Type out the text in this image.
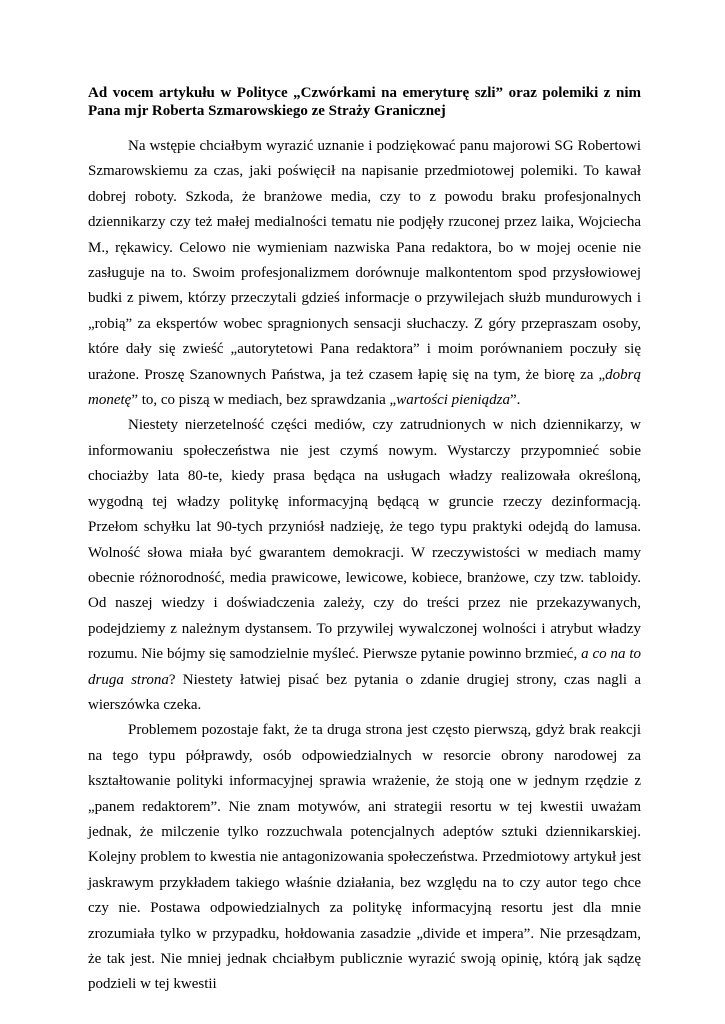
Ad vocem artykułu w Polityce „Czwórkami na emeryturę szli” oraz polemiki z nim Pana mjr Roberta Szmarowskiego ze Straży Granicznej

Na wstępie chciałbym wyrazić uznanie i podziękować panu majorowi SG Robertowi Szmarowskiemu za czas, jaki poświęcił na napisanie przedmiotowej polemiki. To kawał dobrej roboty. Szkoda, że branżowe media, czy to z powodu braku profesjonalnych dziennikarzy czy też małej medialności tematu nie podjęły rzuconej przez laika, Wojciecha M., rękawicy. Celowo nie wymieniam nazwiska Pana redaktora, bo w mojej ocenie nie zasługuje na to. Swoim profesjonalizmem dorównuje malkontentom spod przysłowiowej budki z piwem, którzy przeczytali gdzieś informacje o przywilejach służb mundurowych i „robią” za ekspertów wobec spragnionych sensacji słuchaczy. Z góry przepraszam osoby, które dały się zwieść „autorytetowi Pana redaktora” i moim porównaniem poczuły się urażone. Proszę Szanownych Państwa, ja też czasem łapię się na tym, że biorę za „dobrą monetę” to, co piszą w mediach, bez sprawdzania „wartości pieniądza”.

Niestety nierzetelność części mediów, czy zatrudnionych w nich dziennikarzy, w informowaniu społeczeństwa nie jest czymś nowym. Wystarczy przypomnieć sobie chociażby lata 80-te, kiedy prasa będąca na usługach władzy realizowała określoną, wygodną tej władzy politykę informacyjną będącą w gruncie rzeczy dezinformacją. Przełom schyłku lat 90-tych przyniósł nadzieję, że tego typu praktyki odejdą do lamusa. Wolność słowa miała być gwarantem demokracji. W rzeczywistości w mediach mamy obecnie różnorodność, media prawicowe, lewicowe, kobiece, branżowe, czy tzw. tabloidy. Od naszej wiedzy i doświadczenia zależy, czy do treści przez nie przekazywanych, podejdziemy z należnym dystansem. To przywilej wywalczonej wolności i atrybut władzy rozumu. Nie bójmy się samodzielnie myśleć. Pierwsze pytanie powinno brzmieć, a co na to druga strona? Niestety łatwiej pisać bez pytania o zdanie drugiej strony, czas nagli a wierszówka czeka.

Problemem pozostaje fakt, że ta druga strona jest często pierwszą, gdyż brak reakcji na tego typu półprawdy, osób odpowiedzialnych w resorcie obrony narodowej za kształtowanie polityki informacyjnej sprawia wrażenie, że stoją one w jednym rzędzie z „panem redaktorem”. Nie znam motywów, ani strategii resortu w tej kwestii uważam jednak, że milczenie tylko rozzuchwala potencjalnych adeptów sztuki dziennikarskiej. Kolejny problem to kwestia nie antagonizowania społeczeństwa. Przedmiotowy artykuł jest jaskrawym przykładem takiego właśnie działania, bez względu na to czy autor tego chce czy nie. Postawa odpowiedzialnych za politykę informacyjną resortu jest dla mnie zrozumiała tylko w przypadku, hołdowania zasadzie „divide et impera”. Nie przesądzam, że tak jest. Nie mniej jednak chciałbym publicznie wyrazić swoją opinię, którą jak sądzę podzieli w tej kwestii
